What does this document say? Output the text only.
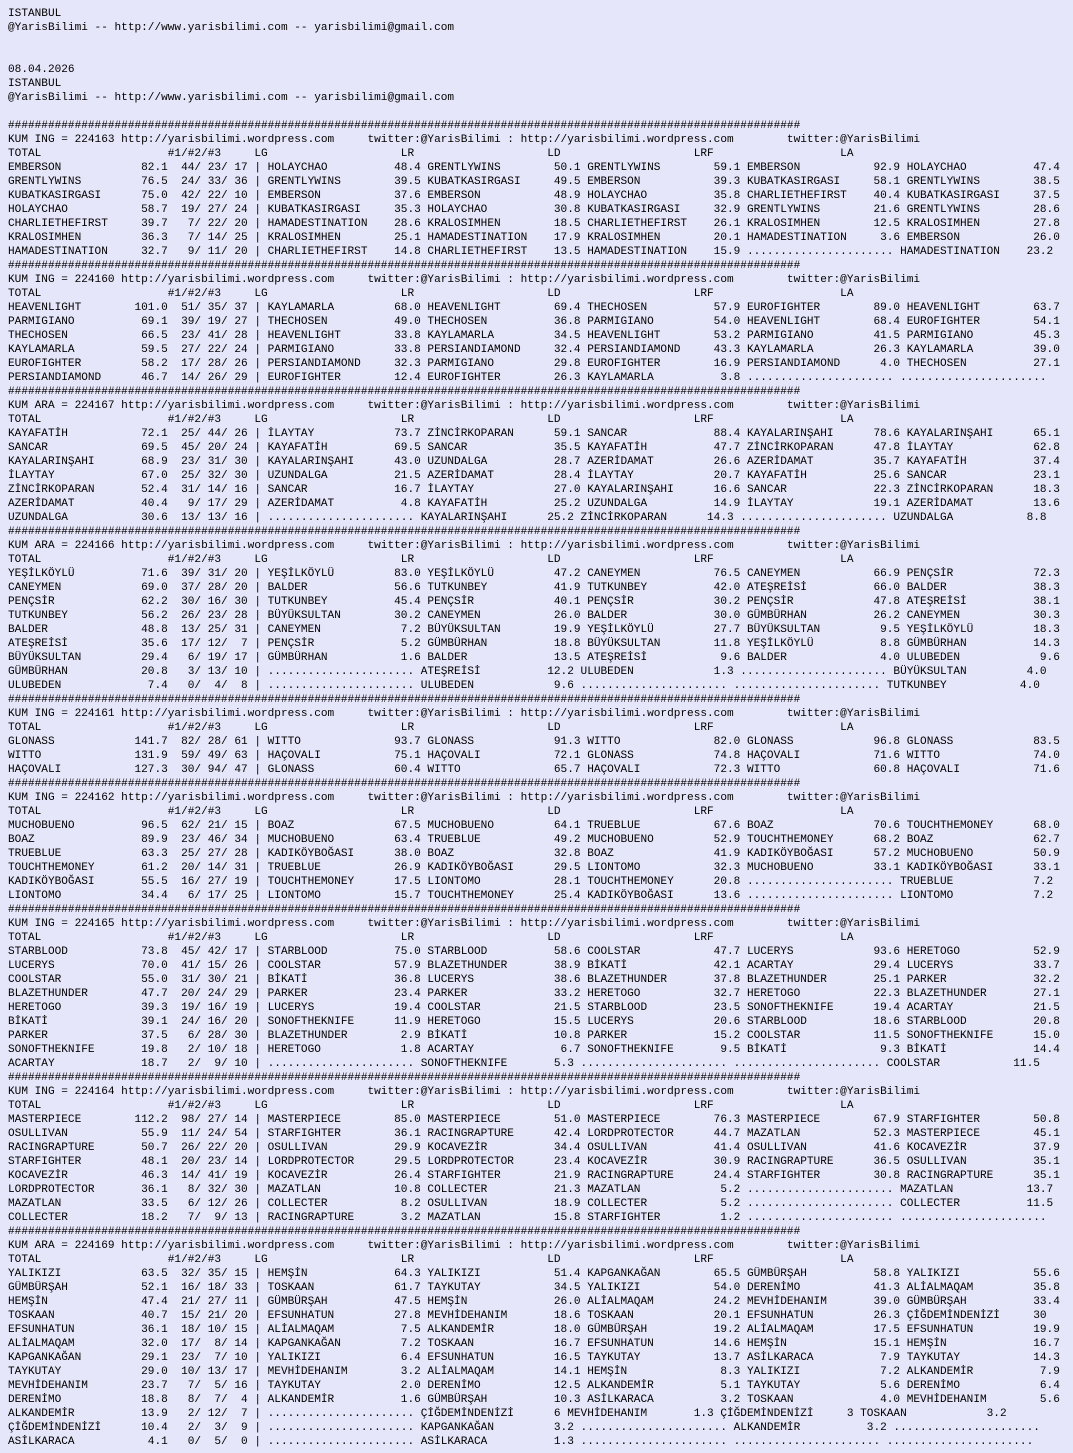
ISTANBUL
@YarisBilimi -- http://www.yarisbilimi.com -- yarisbilimi@gmail.com
08.04.2026
ISTANBUL
@YarisBilimi -- http://www.yarisbilimi.com -- yarisbilimi@gmail.com
#######################################################################################################################
KUM ING = 224163 http://yarisbilimi.wordpress.com     twitter:@YarisBilimi : http://yarisbilimi.wordpress.com        twitter:@YarisBilimi
TOTAL                   #1/#2/#3     LG                    LR                    LD                    LRF                   LA
EMBERSON            82.1  44/ 23/ 17 | HOLAYCHAO          48.4 GRENTLYWINS        50.1 GRENTLYWINS        59.1 EMBERSON           92.9 HOLAYCHAO          47.4
GRENTLYWINS         76.5  24/ 33/ 36 | GRENTLYWINS        39.5 KUBATKASIRGASI     49.5 EMBERSON           39.3 KUBATKASIRGASI     58.1 GRENTLYWINS        38.5
KUBATKASIRGASI      75.0  42/ 22/ 10 | EMBERSON           37.6 EMBERSON           48.9 HOLAYCHAO          35.8 CHARLIETHEFIRST    40.4 KUBATKASIRGASI     37.5
HOLAYCHAO           58.7  19/ 27/ 24 | KUBATKASIRGASI     35.3 HOLAYCHAO          30.8 KUBATKASIRGASI     32.9 GRENTLYWINS        21.6 GRENTLYWINS        28.6
CHARLIETHEFIRST     39.7   7/ 22/ 20 | HAMADESTINATION    28.6 KRALOSIMHEN        18.5 CHARLIETHEFIRST    26.1 KRALOSIMHEN        12.5 KRALOSIMHEN        27.8
KRALOSIMHEN         36.3   7/ 14/ 25 | KRALOSIMHEN        25.1 HAMADESTINATION    17.9 KRALOSIMHEN        20.1 HAMADESTINATION     3.6 EMBERSON           26.0
HAMADESTINATION     32.7   9/ 11/ 20 | CHARLIETHEFIRST    14.8 CHARLIETHEFIRST    13.5 HAMADESTINATION    15.9 ...................... HAMADESTINATION    23.2
#######################################################################################################################
KUM ING = 224160 http://yarisbilimi.wordpress.com     twitter:@YarisBilimi : http://yarisbilimi.wordpress.com        twitter:@YarisBilimi
TOTAL                   #1/#2/#3     LG                    LR                    LD                    LRF                   LA
HEAVENLIGHT        101.0  51/ 35/ 37 | KAYLAMARLA         68.0 HEAVENLIGHT        69.4 THECHOSEN          57.9 EUROFIGHTER        89.0 HEAVENLIGHT        63.7
PARMIGIANO          69.1  39/ 19/ 27 | THECHOSEN          49.0 THECHOSEN          36.8 PARMIGIANO         54.0 HEAVENLIGHT        68.4 EUROFIGHTER        54.1
THECHOSEN           66.5  23/ 41/ 28 | HEAVENLIGHT        33.8 KAYLAMARLA         34.5 HEAVENLIGHT        53.2 PARMIGIANO         41.5 PARMIGIANO         45.3
KAYLAMARLA          59.5  27/ 22/ 24 | PARMIGIANO         33.8 PERSIANDIAMOND     32.4 PERSIANDIAMOND     43.3 KAYLAMARLA         26.3 KAYLAMARLA         39.0
EUROFIGHTER         58.2  17/ 28/ 26 | PERSIANDIAMOND     32.3 PARMIGIANO         29.8 EUROFIGHTER        16.9 PERSIANDIAMOND      4.0 THECHOSEN          27.1
PERSIANDIAMOND      46.7  14/ 26/ 29 | EUROFIGHTER        12.4 EUROFIGHTER        26.3 KAYLAMARLA          3.8 ...................... ......................
#######################################################################################################################
KUM ARA = 224167 http://yarisbilimi.wordpress.com     twitter:@YarisBilimi : http://yarisbilimi.wordpress.com        twitter:@YarisBilimi
TOTAL                   #1/#2/#3     LG                    LR                    LD                    LRF                   LA
KAYAFATİH           72.1  25/ 44/ 26 | İLAYTAY            73.7 ZİNCİRKOPARAN      59.1 SANCAR             88.4 KAYALARINŞAHI      78.6 KAYALARINŞAHI      65.1
SANCAR              69.5  45/ 20/ 24 | KAYAFATİH          69.5 SANCAR             35.5 KAYAFATİH          47.7 ZİNCİRKOPARAN      47.8 İLAYTAY            62.8
KAYALARINŞAHI       68.9  23/ 31/ 30 | KAYALARINŞAHI      43.0 UZUNDALGA          28.7 AZERİDAMAT         26.6 AZERİDAMAT         35.7 KAYAFATİH          37.4
İLAYTAY             67.0  25/ 32/ 30 | UZUNDALGA          21.5 AZERİDAMAT         28.4 İLAYTAY            20.7 KAYAFATİH          25.6 SANCAR             23.1
ZİNCİRKOPARAN       52.4  31/ 14/ 16 | SANCAR             16.7 İLAYTAY            27.0 KAYALARINŞAHI      16.6 SANCAR             22.3 ZİNCİRKOPARAN      18.3
AZERİDAMAT          40.4   9/ 17/ 29 | AZERİDAMAT          4.8 KAYAFATİH          25.2 UZUNDALGA          14.9 İLAYTAY            19.1 AZERİDAMAT         13.6
UZUNDALGA           30.6  13/ 13/ 16 | ...................... KAYALARINŞAHI      25.2 ZİNCİRKOPARAN      14.3 ...................... UZUNDALGA           8.8
#######################################################################################################################
KUM ARA = 224166 http://yarisbilimi.wordpress.com     twitter:@YarisBilimi : http://yarisbilimi.wordpress.com        twitter:@YarisBilimi
TOTAL                   #1/#2/#3     LG                    LR                    LD                    LRF                   LA
YEŞİLKÖYLÜ          71.6  39/ 31/ 20 | YEŞİLKÖYLÜ         83.0 YEŞİLKÖYLÜ         47.2 CANEYMEN           76.5 CANEYMEN           66.9 PENÇSİR            72.3
CANEYMEN            69.0  37/ 28/ 20 | BALDER             56.6 TUTKUNBEY          41.9 TUTKUNBEY          42.0 ATEŞREİSİ          66.0 BALDER             38.3
PENÇSİR             62.2  30/ 16/ 30 | TUTKUNBEY          45.4 PENÇSİR            40.1 PENÇSİR            30.2 PENÇSİR            47.8 ATEŞREİSİ          38.1
TUTKUNBEY           56.2  26/ 23/ 28 | BÜYÜKSULTAN        30.2 CANEYMEN           26.0 BALDER             30.0 GÜMBÜRHAN          26.2 CANEYMEN           30.3
BALDER              48.8  13/ 25/ 31 | CANEYMEN            7.2 BÜYÜKSULTAN        19.9 YEŞİLKÖYLÜ         27.7 BÜYÜKSULTAN         9.5 YEŞİLKÖYLÜ         18.3
ATEŞREİSİ           35.6  17/ 12/  7 | PENÇSİR             5.2 GÜMBÜRHAN          18.8 BÜYÜKSULTAN        11.8 YEŞİLKÖYLÜ          8.8 GÜMBÜRHAN          14.3
BÜYÜKSULTAN         29.4   6/ 19/ 17 | GÜMBÜRHAN           1.6 BALDER             13.5 ATEŞREİSİ           9.6 BALDER              4.0 ULUBEDEN            9.6
GÜMBÜRHAN           20.8   3/ 13/ 10 | ...................... ATEŞREİSİ          12.2 ULUBEDEN            1.3 ...................... BÜYÜKSULTAN         4.0
ULUBEDEN             7.4   0/  4/  8 | ...................... ULUBEDEN            9.6 ...................... ...................... TUTKUNBEY           4.0
#######################################################################################################################
KUM ING = 224161 http://yarisbilimi.wordpress.com     twitter:@YarisBilimi : http://yarisbilimi.wordpress.com        twitter:@YarisBilimi
TOTAL                   #1/#2/#3     LG                    LR                    LD                    LRF                   LA
GLONASS            141.7  82/ 28/ 61 | WITTO              93.7 GLONASS            91.3 WITTO              82.0 GLONASS            96.8 GLONASS            83.5
WITTO              131.9  59/ 49/ 63 | HAÇOVALI           75.1 HAÇOVALI           72.1 GLONASS            74.8 HAÇOVALI           71.6 WITTO              74.0
HAÇOVALI           127.3  30/ 94/ 47 | GLONASS            60.4 WITTO              65.7 HAÇOVALI           72.3 WITTO              60.8 HAÇOVALI           71.6
#######################################################################################################################
KUM ING = 224162 http://yarisbilimi.wordpress.com     twitter:@YarisBilimi : http://yarisbilimi.wordpress.com        twitter:@YarisBilimi
TOTAL                   #1/#2/#3     LG                    LR                    LD                    LRF                   LA
MUCHOBUENO          96.5  62/ 21/ 15 | BOAZ               67.5 MUCHOBUENO         64.1 TRUEBLUE           67.6 BOAZ               70.6 TOUCHTHEMONEY      68.0
BOAZ                89.9  23/ 46/ 34 | MUCHOBUENO         63.4 TRUEBLUE           49.2 MUCHOBUENO         52.9 TOUCHTHEMONEY      68.2 BOAZ               62.7
TRUEBLUE            63.3  25/ 27/ 28 | KADIKÖYBOĞASI      38.0 BOAZ               32.8 BOAZ               41.9 KADIKÖYBOĞASI      57.2 MUCHOBUENO         50.9
TOUCHTHEMONEY       61.2  20/ 14/ 31 | TRUEBLUE           26.9 KADIKÖYBOĞASI      29.5 LIONTOMO           32.3 MUCHOBUENO         33.1 KADIKÖYBOĞASI      33.1
KADIKÖYBOĞASI       55.5  16/ 27/ 19 | TOUCHTHEMONEY      17.5 LIONTOMO           28.1 TOUCHTHEMONEY      20.8 ...................... TRUEBLUE            7.2
LIONTOMO            34.4   6/ 17/ 25 | LIONTOMO           15.7 TOUCHTHEMONEY      25.4 KADIKÖYBOĞASI      13.6 ...................... LIONTOMO            7.2
#######################################################################################################################
KUM ING = 224165 http://yarisbilimi.wordpress.com     twitter:@YarisBilimi : http://yarisbilimi.wordpress.com        twitter:@YarisBilimi
TOTAL                   #1/#2/#3     LG                    LR                    LD                    LRF                   LA
STARBLOOD           73.8  45/ 42/ 17 | STARBLOOD          75.0 STARBLOOD          58.6 COOLSTAR           47.7 LUCERYS            93.6 HERETOGO           52.9
LUCERYS             70.0  41/ 15/ 26 | COOLSTAR           57.9 BLAZETHUNDER       38.9 BİKATİ             42.1 ACARTAY            29.4 LUCERYS            33.7
COOLSTAR            55.0  31/ 30/ 21 | BİKATİ             36.8 LUCERYS            38.6 BLAZETHUNDER       37.8 BLAZETHUNDER       25.1 PARKER             32.2
BLAZETHUNDER        47.7  20/ 24/ 29 | PARKER             23.4 PARKER             33.2 HERETOGO           32.7 HERETOGO           22.3 BLAZETHUNDER       27.1
HERETOGO            39.3  19/ 16/ 19 | LUCERYS            19.4 COOLSTAR           21.5 STARBLOOD          23.5 SONOFTHEKNIFE      19.4 ACARTAY            21.5
BİKATİ              39.1  24/ 16/ 20 | SONOFTHEKNIFE      11.9 HERETOGO           15.5 LUCERYS            20.6 STARBLOOD          18.6 STARBLOOD          20.8
PARKER              37.5   6/ 28/ 30 | BLAZETHUNDER        2.9 BİKATİ             10.8 PARKER             15.2 COOLSTAR           11.5 SONOFTHEKNIFE      15.0
SONOFTHEKNIFE       19.8   2/ 10/ 18 | HERETOGO            1.8 ACARTAY             6.7 SONOFTHEKNIFE       9.5 BİKATİ              9.3 BİKATİ             14.4
ACARTAY             18.7   2/  9/ 10 | ...................... SONOFTHEKNIFE       5.3 ...................... ...................... COOLSTAR           11.5
#######################################################################################################################
KUM ING = 224164 http://yarisbilimi.wordpress.com     twitter:@YarisBilimi : http://yarisbilimi.wordpress.com        twitter:@YarisBilimi
TOTAL                   #1/#2/#3     LG                    LR                    LD                    LRF                   LA
MASTERPIECE        112.2  98/ 27/ 14 | MASTERPIECE        85.0 MASTERPIECE        51.0 MASTERPIECE        76.3 MASTERPIECE        67.9 STARFIGHTER        50.8
OSULLIVAN           55.9  11/ 24/ 54 | STARFIGHTER        36.1 RACINGRAPTURE      42.4 LORDPROTECTOR      44.7 MAZATLAN           52.3 MASTERPIECE        45.1
RACINGRAPTURE       50.7  26/ 22/ 20 | OSULLIVAN          29.9 KOCAVEZİR          34.4 OSULLIVAN          41.4 OSULLIVAN          41.6 KOCAVEZİR          37.9
STARFIGHTER         48.1  20/ 23/ 14 | LORDPROTECTOR      29.5 LORDPROTECTOR      23.4 KOCAVEZİR          30.9 RACINGRAPTURE      36.5 OSULLIVAN          35.1
KOCAVEZİR           46.3  14/ 41/ 19 | KOCAVEZİR          26.4 STARFIGHTER        21.9 RACINGRAPTURE      24.4 STARFIGHTER        30.8 RACINGRAPTURE      35.1
LORDPROTECTOR       36.1   8/ 32/ 30 | MAZATLAN           10.8 COLLECTER          21.3 MAZATLAN            5.2 ...................... MAZATLAN           13.7
MAZATLAN            33.5   6/ 12/ 26 | COLLECTER           8.2 OSULLIVAN          18.9 COLLECTER           5.2 ...................... COLLECTER          11.5
COLLECTER           18.2   7/  9/ 13 | RACINGRAPTURE       3.2 MAZATLAN           15.8 STARFIGHTER         1.2 ...................... ......................
#######################################################################################################################
KUM ARA = 224169 http://yarisbilimi.wordpress.com     twitter:@YarisBilimi : http://yarisbilimi.wordpress.com        twitter:@YarisBilimi
TOTAL                   #1/#2/#3     LG                    LR                    LD                    LRF                   LA
YALIKIZI            63.5  32/ 35/ 15 | HEMŞİN             64.3 YALIKIZI           51.4 KAPGANKAĞAN        65.5 GÜMBÜRŞAH          58.8 YALIKIZI           55.6
GÜMBÜRŞAH           52.1  16/ 18/ 33 | TOSKAAN            61.7 TAYKUTAY           34.5 YALIKIZI           54.0 DERENİMO           41.3 ALİALMAQAM         35.8
HEMŞİN              47.4  21/ 27/ 11 | GÜMBÜRŞAH          47.5 HEMŞİN             26.0 ALİALMAQAM         24.2 MEVHİDEHANIM       39.0 GÜMBÜRŞAH          33.4
TOSKAAN             40.7  15/ 21/ 20 | EFSUNHATUN         27.8 MEVHİDEHANIM       18.6 TOSKAAN            20.1 EFSUNHATUN         26.3 ÇİĞDEMİNDENİZİ     30
EFSUNHATUN          36.1  18/ 10/ 15 | ALİALMAQAM          7.5 ALKANDEMİR         18.0 GÜMBÜRŞAH          19.2 ALİALMAQAM         17.5 EFSUNHATUN         19.9
ALİALMAQAM          32.0  17/  8/ 14 | KAPGANKAĞAN         7.2 TOSKAAN            16.7 EFSUNHATUN         14.6 HEMŞİN             15.1 HEMŞİN             16.7
KAPGANKAĞAN         29.1  23/  7/ 10 | YALIKIZI            6.4 EFSUNHATUN         16.5 TAYKUTAY           13.7 ASİLKARACA          7.9 TAYKUTAY           14.3
TAYKUTAY            29.0  10/ 13/ 17 | MEVHİDEHANIM        3.2 ALİALMAQAM         14.1 HEMŞİN              8.3 YALIKIZI            7.2 ALKANDEMİR          7.9
MEVHİDEHANIM        23.7   7/  5/ 16 | TAYKUTAY            2.0 DERENİMO           12.5 ALKANDEMİR          5.1 TAYKUTAY            5.6 DERENİMO            6.4
DERENİMO            18.8   8/  7/  4 | ALKANDEMİR          1.6 GÜMBÜRŞAH          10.3 ASİLKARACA          3.2 TOSKAAN             4.0 MEVHİDEHANIM        5.6
ALKANDEMİR          13.9   2/ 12/  7 | ...................... ÇİĞDEMİNDENİZİ      6 MEVHİDEHANIM       1.3 ÇİĞDEMİNDENİZİ     3 TOSKAAN            3.2
ÇİĞDEMİNDENİZİ      10.4   2/  3/  9 | ...................... KAPGANKAĞAN         3.2 ...................... ALKANDEMİR          3.2 ......................
ASİLKARACA           4.1   0/  5/  0 | ...................... ASİLKARACA          1.3 ...................... ...................... ......................
